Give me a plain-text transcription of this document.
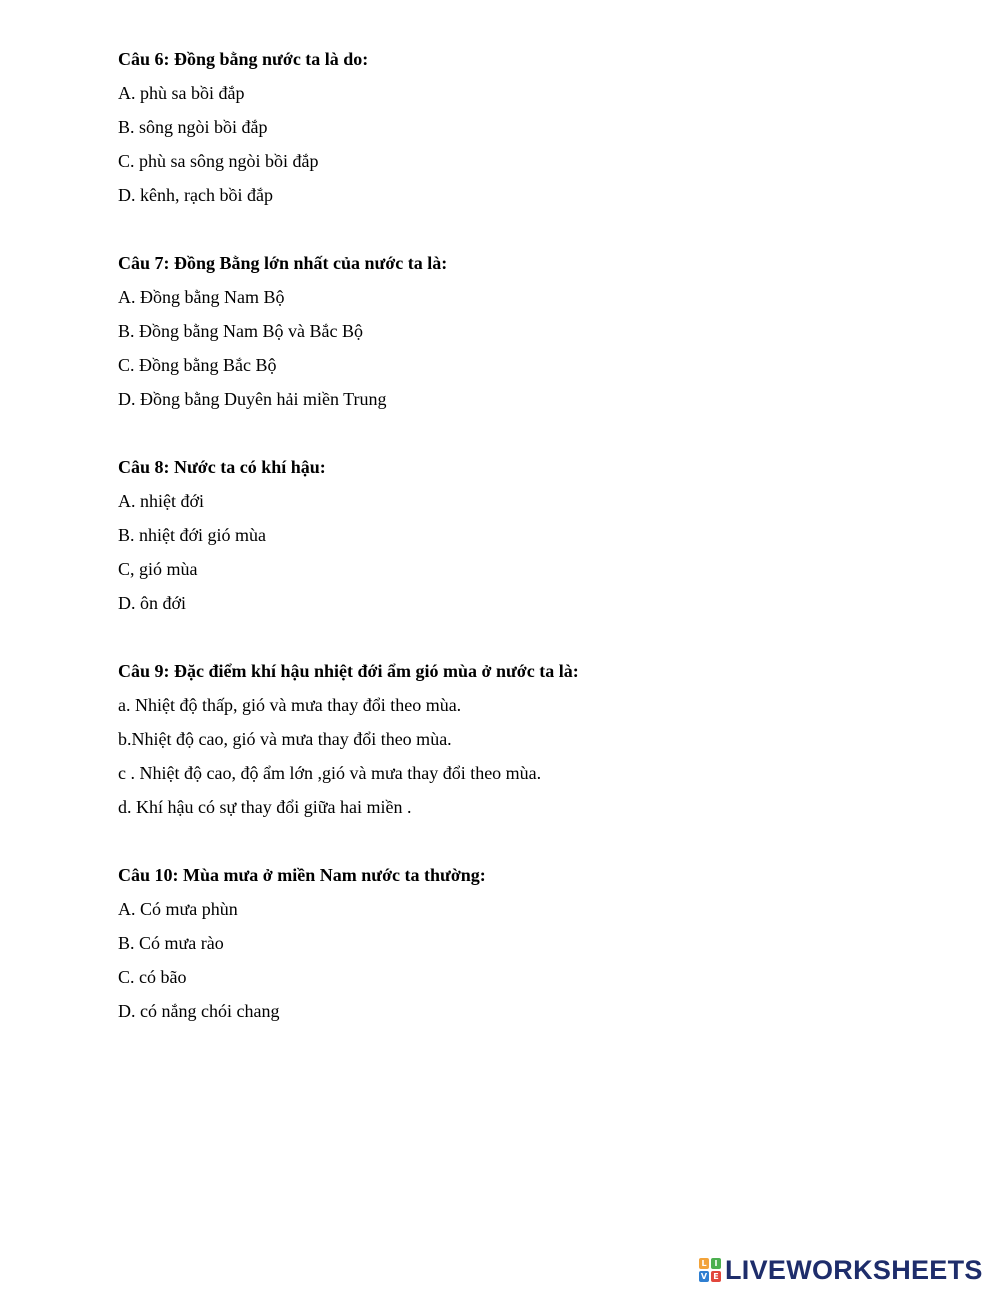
Câu 6: Đồng bằng nước ta là do:
A. phù sa bồi đắp
B. sông ngòi bồi đắp
C. phù sa sông ngòi bồi đắp
D. kênh, rạch bồi đắp
Câu 7: Đồng Bằng lớn nhất của nước ta là:
A. Đồng bằng Nam Bộ
B. Đồng bằng Nam Bộ và Bắc Bộ
C. Đồng bằng Bắc Bộ
D. Đồng bằng Duyên hải miền Trung
Câu 8: Nước ta có khí hậu:
A. nhiệt đới
B. nhiệt đới gió mùa
C, gió mùa
D. ôn đới
Câu 9: Đặc điểm khí hậu nhiệt đới ẩm gió mùa ở nước ta là:
a. Nhiệt độ thấp, gió và mưa thay đổi theo mùa.
b.Nhiệt độ cao, gió và mưa thay đổi theo mùa.
c . Nhiệt độ cao, độ ẩm lớn ,gió và mưa thay đổi theo mùa.
d. Khí hậu có sự thay đổi giữa hai miền .
Câu 10: Mùa mưa ở miền Nam nước ta thường:
A. Có mưa phùn
B. Có mưa rào
C. có bão
D. có nắng chói chang
L I
V E LIVEWORKSHEETS
